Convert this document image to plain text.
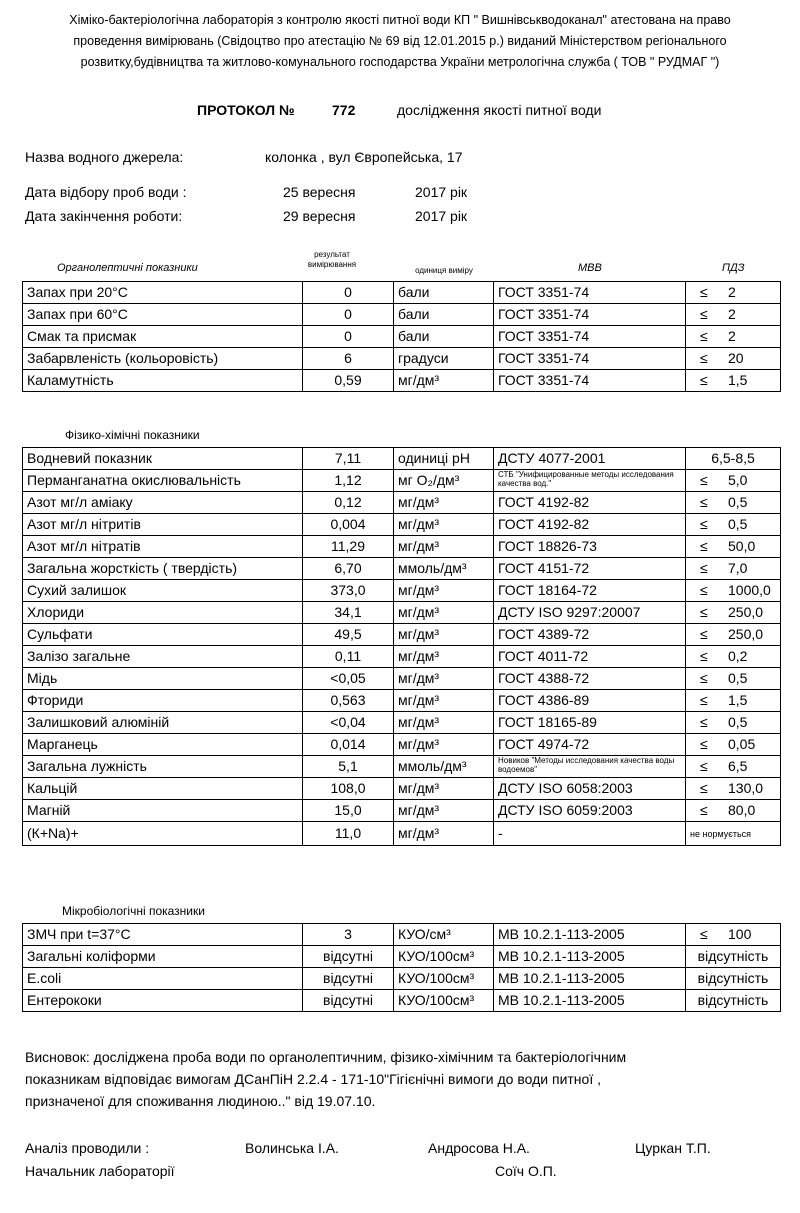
Хіміко-бактеріологічна лабораторія з контролю якості питної води КП " Вишнівськводоканал" атестована на право
проведення вимірювань (Свідоцтво про атестацію № 69 від 12.01.2015 р.) виданий Міністерством регіонального
розвитку,будівництва та житлово-комунального господарства України метрологічна служба ( ТОВ " РУДМАГ ")
ПРОТОКОЛ №	772	дослідження якості питної води
Назва водного джерела:	колонка , вул Європейська, 17
Дата відбору проб води :	25 вересня	2017 рік
Дата закінчення роботи:	29 вересня	2017 рік
Органолептичні показники
результат вимірювання
одиниця виміру	МВВ	ПДЗ
Запах при 20°С	0	бали	ГОСТ 3351-74	≤ 2
Запах при 60°С	0	бали	ГОСТ 3351-74	≤ 2
Смак та присмак	0	бали	ГОСТ 3351-74	≤ 2
Забарвленість (кольоровість)	6	градуси	ГОСТ 3351-74	≤ 20
Каламутність	0,59	мг/дм³	ГОСТ 3351-74	≤ 1,5
Фізико-хімічні показники
Водневий показник	7,11	одиниці рН	ДСТУ 4077-2001	6,5-8,5
Перманганатна окислювальність	1,12	мг О₂/дм³	СТБ "Унифицированные методы исследования качества вод."	≤ 5,0
Азот мг/л аміаку	0,12	мг/дм³	ГОСТ 4192-82	≤ 0,5
Азот мг/л нітритів	0,004	мг/дм³	ГОСТ 4192-82	≤ 0,5
Азот мг/л нітратів	11,29	мг/дм³	ГОСТ 18826-73	≤ 50,0
Загальна жорсткість ( твердість)	6,70	ммоль/дм³	ГОСТ 4151-72	≤ 7,0
Сухий залишок	373,0	мг/дм³	ГОСТ 18164-72	≤ 1000,0
Хлориди	34,1	мг/дм³	ДСТУ ISO 9297:20007	≤ 250,0
Сульфати	49,5	мг/дм³	ГОСТ 4389-72	≤ 250,0
Залізо загальне	0,11	мг/дм³	ГОСТ 4011-72	≤ 0,2
Мідь	<0,05	мг/дм³	ГОСТ 4388-72	≤ 0,5
Фториди	0,563	мг/дм³	ГОСТ 4386-89	≤ 1,5
Залишковий алюміній	<0,04	мг/дм³	ГОСТ 18165-89	≤ 0,5
Марганець	0,014	мг/дм³	ГОСТ 4974-72	≤ 0,05
Загальна лужність	5,1	ммоль/дм³	Новиков "Методы исследования качества воды водоемов"	≤ 6,5
Кальцій	108,0	мг/дм³	ДСТУ ISO 6058:2003	≤ 130,0
Магній	15,0	мг/дм³	ДСТУ ISO 6059:2003	≤ 80,0
(К+Na)+	11,0	мг/дм³	-	не нормується
Мікробіологічні показники
ЗМЧ при t=37°С	3	КУО/см³	МВ 10.2.1-113-2005	≤ 100
Загальні коліформи	відсутні	КУО/100см³	МВ 10.2.1-113-2005	відсутність
E.coli	відсутні	КУО/100см³	МВ 10.2.1-113-2005	відсутність
Ентерококи	відсутні	КУО/100см³	МВ 10.2.1-113-2005	відсутність
Висновок: досліджена проба води по органолептичним, фізико-хімічним та бактеріологічним
показникам відповідає вимогам ДСанПіН 2.2.4 - 171-10"Гігієнічні вимоги до води питної ,
призначеної для споживання людиною.." від 19.07.10.
Аналіз проводили :	Волинська І.А.	Андросова Н.А.	Цуркан Т.П.
Начальник лабораторії	Соїч О.П.
